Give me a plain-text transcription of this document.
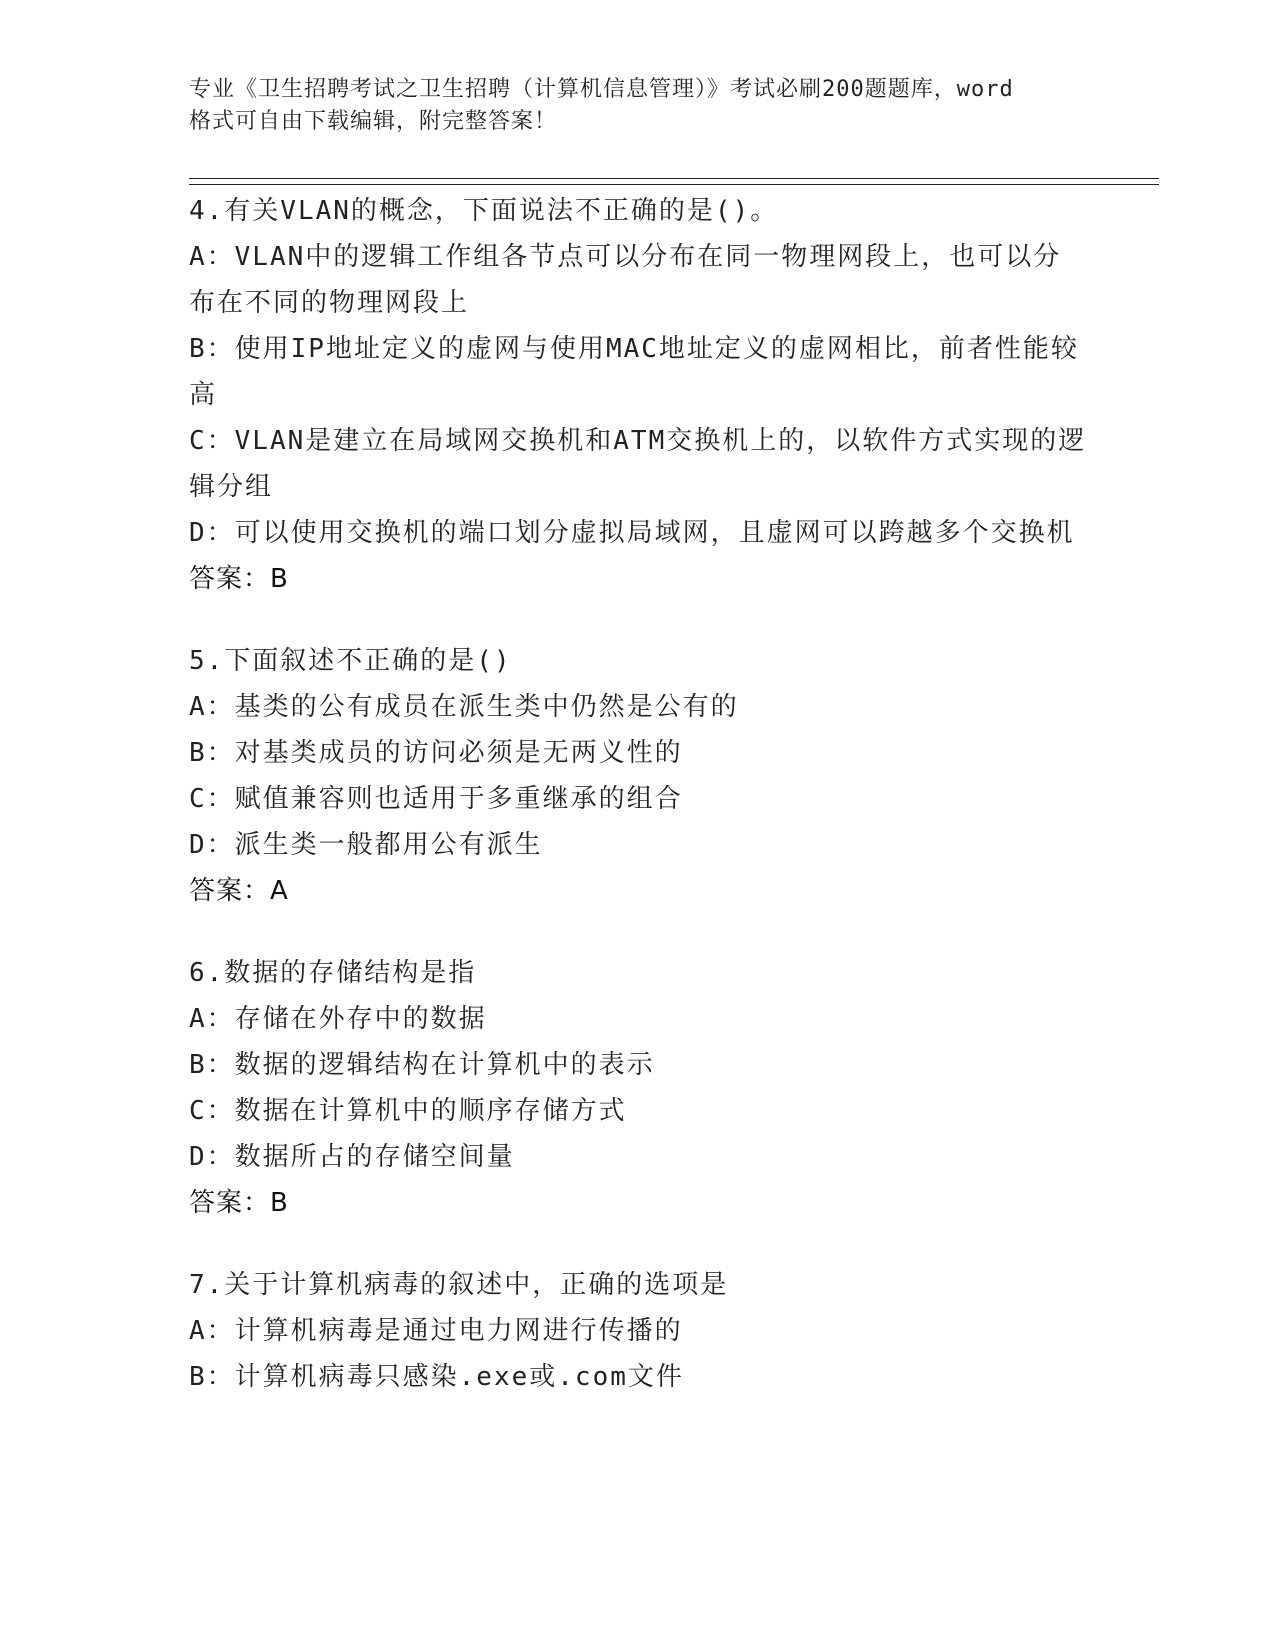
专业《卫生招聘考试之卫生招聘（计算机信息管理）》考试必刷200题题库，word
格式可自由下载编辑，附完整答案！
4.有关VLAN的概念，下面说法不正确的是()。
A：VLAN中的逻辑工作组各节点可以分布在同一物理网段上，也可以分布在不同的物理网段上
B：使用IP地址定义的虚网与使用MAC地址定义的虚网相比，前者性能较高
C：VLAN是建立在局域网交换机和ATM交换机上的，以软件方式实现的逻辑分组
D：可以使用交换机的端口划分虚拟局域网，且虚网可以跨越多个交换机
答案：B
5.下面叙述不正确的是()
A：基类的公有成员在派生类中仍然是公有的
B：对基类成员的访问必须是无两义性的
C：赋值兼容则也适用于多重继承的组合
D：派生类一般都用公有派生
答案：A
6.数据的存储结构是指
A：存储在外存中的数据
B：数据的逻辑结构在计算机中的表示
C：数据在计算机中的顺序存储方式
D：数据所占的存储空间量
答案：B
7.关于计算机病毒的叙述中，正确的选项是
A：计算机病毒是通过电力网进行传播的
B：计算机病毒只感染.exe或.com文件
